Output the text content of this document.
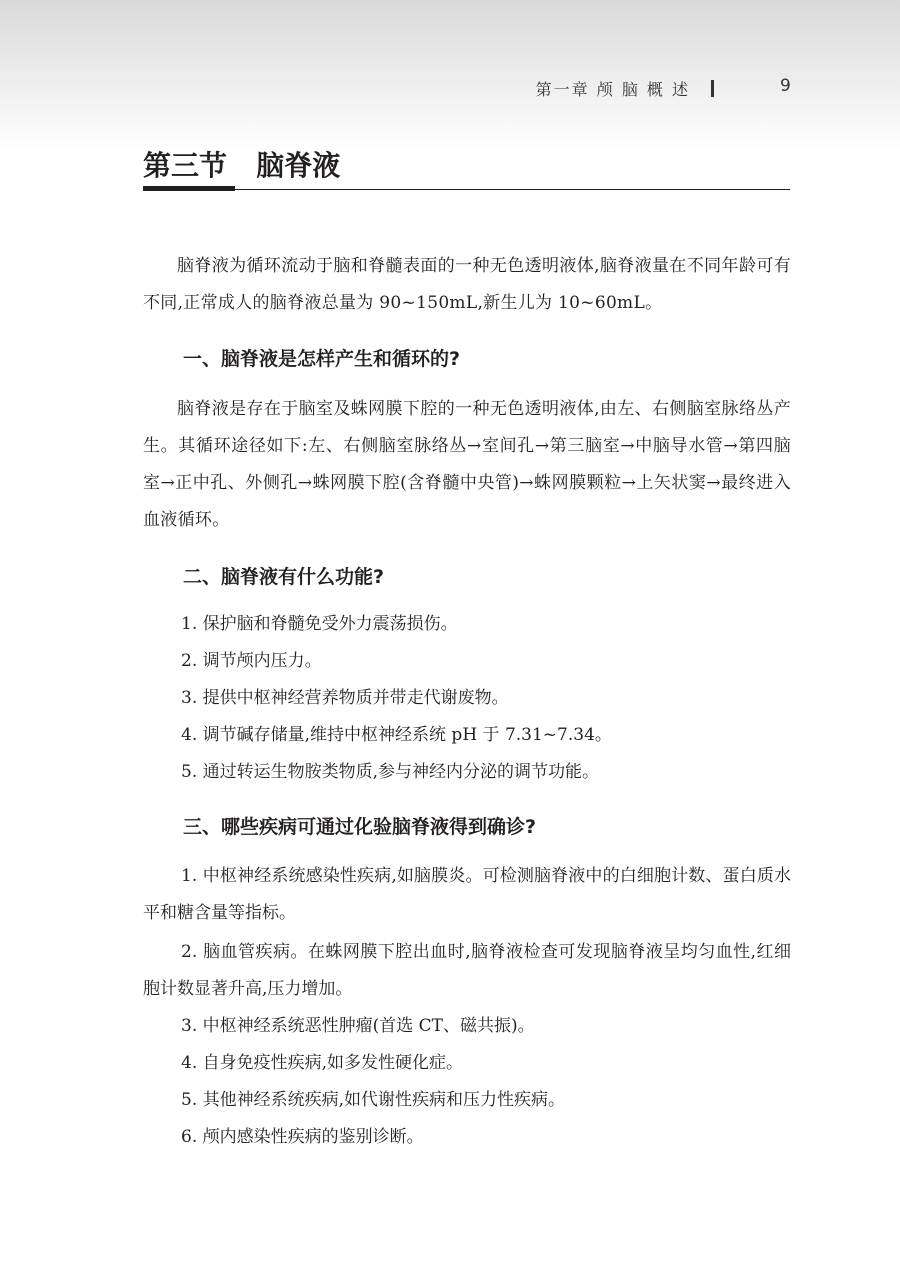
第一章 颅 脑 概 述	9
第三节   脑脊液

脑脊液为循环流动于脑和脊髓表面的一种无色透明液体,脑脊液量在不同年龄可有不同,正常成人的脑脊液总量为 90~150mL,新生儿为 10~60mL。

一、脑脊液是怎样产生和循环的?

脑脊液是存在于脑室及蛛网膜下腔的一种无色透明液体,由左、右侧脑室脉络丛产生。其循环途径如下:左、右侧脑室脉络丛→室间孔→第三脑室→中脑导水管→第四脑室→正中孔、外侧孔→蛛网膜下腔(含脊髓中央管)→蛛网膜颗粒→上矢状窦→最终进入血液循环。

二、脑脊液有什么功能?

1. 保护脑和脊髓免受外力震荡损伤。

2. 调节颅内压力。

3. 提供中枢神经营养物质并带走代谢废物。

4. 调节碱存储量,维持中枢神经系统 pH 于 7.31~7.34。

5. 通过转运生物胺类物质,参与神经内分泌的调节功能。

三、哪些疾病可通过化验脑脊液得到确诊?

1. 中枢神经系统感染性疾病,如脑膜炎。可检测脑脊液中的白细胞计数、蛋白质水平和糖含量等指标。

2. 脑血管疾病。在蛛网膜下腔出血时,脑脊液检查可发现脑脊液呈均匀血性,红细胞计数显著升高,压力增加。

3. 中枢神经系统恶性肿瘤(首选 CT、磁共振)。

4. 自身免疫性疾病,如多发性硬化症。

5. 其他神经系统疾病,如代谢性疾病和压力性疾病。

6. 颅内感染性疾病的鉴别诊断。
